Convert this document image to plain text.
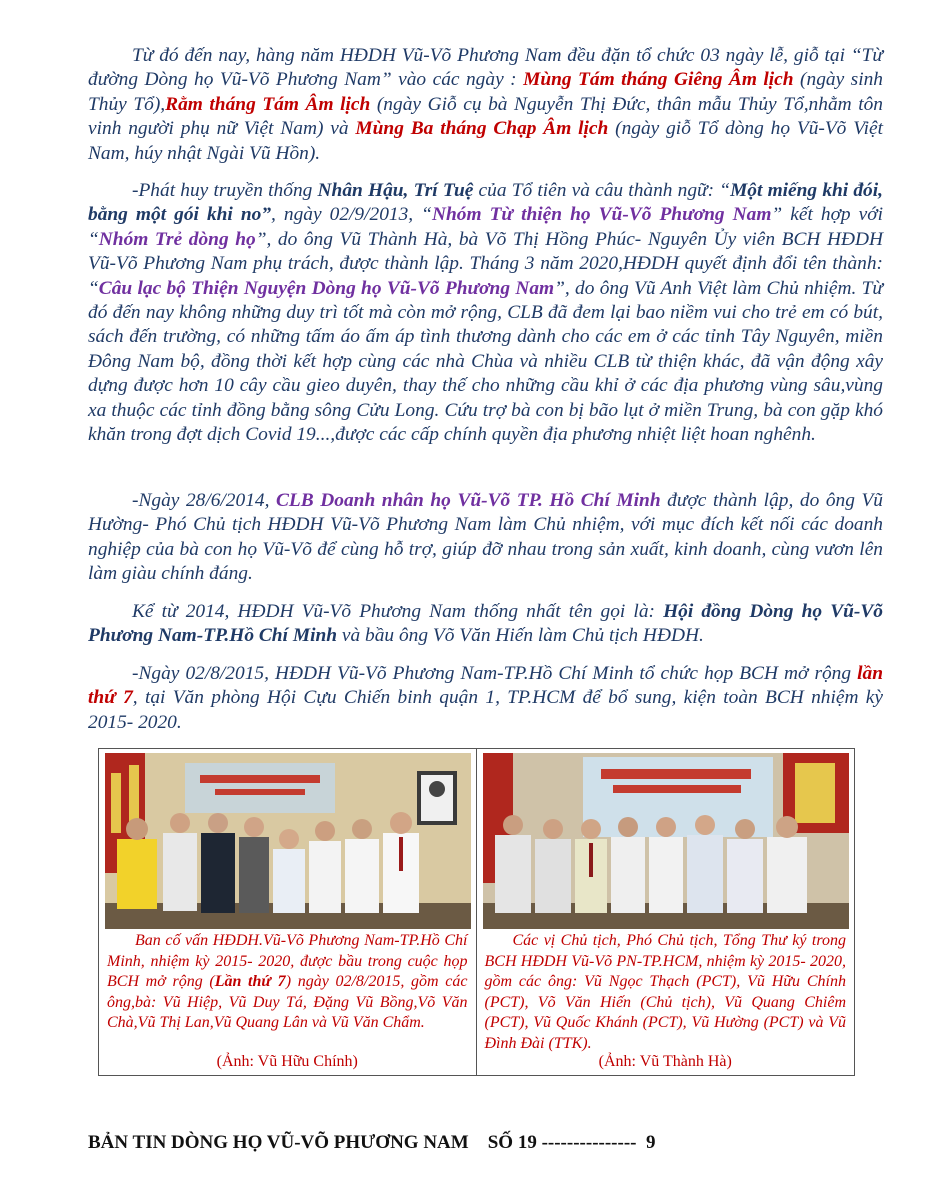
Từ đó đến nay, hàng năm HĐDH Vũ-Võ Phương Nam đều đặn tổ chức 03 ngày lễ, giỗ tại “Từ đường Dòng họ Vũ-Võ Phương Nam” vào các ngày : Mùng Tám tháng Giêng Âm lịch (ngày sinh Thủy Tổ),Rằm tháng Tám Âm lịch (ngày Giỗ cụ bà Nguyễn Thị Đức, thân mẫu Thủy Tổ,nhằm tôn vinh người phụ nữ Việt Nam) và Mùng Ba tháng Chạp Âm lịch (ngày giỗ Tổ dòng họ Vũ-Võ Việt Nam, húy nhật Ngài Vũ Hồn).

-Phát huy truyền thống Nhân Hậu, Trí Tuệ của Tổ tiên và câu thành ngữ: “Một miếng khi đói, bằng một gói khi no”, ngày 02/9/2013, “Nhóm Từ thiện họ Vũ-Võ Phương Nam” kết hợp với “Nhóm Trẻ dòng họ”, do ông Vũ Thành Hà, bà Võ Thị Hồng Phúc- Nguyên Ủy viên BCH HĐDH Vũ-Võ Phương Nam phụ trách, được thành lập. Tháng 3 năm 2020,HĐDH quyết định đổi tên thành: “Câu lạc bộ Thiện Nguyện Dòng họ Vũ-Võ Phương Nam”, do ông Vũ Anh Việt làm Chủ nhiệm. Từ đó đến nay không những duy trì tốt mà còn mở rộng, CLB đã đem lại bao niềm vui cho trẻ em có bút, sách đến trường, có những tấm áo ấm áp tình thương dành cho các em ở các tỉnh Tây Nguyên, miền Đông Nam bộ, đồng thời kết hợp cùng các nhà Chùa và nhiều CLB từ thiện khác, đã vận động xây dựng được hơn 10 cây cầu gieo duyên, thay thế cho những cầu khỉ ở các địa phương vùng sâu,vùng xa thuộc các tỉnh đồng bằng sông Cửu Long. Cứu trợ bà con bị bão lụt ở miền Trung, bà con gặp khó khăn trong đợt dịch Covid 19...,được các cấp chính quyền địa phương nhiệt liệt hoan nghênh.

-Ngày 28/6/2014, CLB Doanh nhân họ Vũ-Võ TP. Hồ Chí Minh được thành lập, do ông Vũ Hường- Phó Chủ tịch HĐDH Vũ-Võ Phương Nam làm Chủ nhiệm, với mục đích kết nối các doanh nghiệp của bà con họ Vũ-Võ để cùng hỗ trợ, giúp đỡ nhau trong sản xuất, kinh doanh, cùng vươn lên làm giàu chính đáng.

Kể từ 2014, HĐDH Vũ-Võ Phương Nam thống nhất tên gọi là: Hội đồng Dòng họ Vũ-Võ Phương Nam-TP.Hồ Chí Minh và bầu ông Võ Văn Hiến làm Chủ tịch HĐDH.

-Ngày 02/8/2015, HĐDH Vũ-Võ Phương Nam-TP.Hồ Chí Minh tổ chức họp BCH mở rộng lần thứ 7, tại Văn phòng Hội Cựu Chiến binh quận 1, TP.HCM để bổ sung, kiện toàn BCH nhiệm kỳ 2015- 2020.

Ban cố vấn HĐDH.Vũ-Võ Phương Nam-TP.Hồ Chí Minh, nhiệm kỳ 2015- 2020, được bầu trong cuộc họp BCH mở rộng (Lần thứ 7) ngày 02/8/2015, gồm các ông,bà: Vũ Hiệp, Vũ Duy Tá, Đặng Vũ Bồng,Võ Văn Chà,Vũ Thị Lan,Vũ Quang Lân và Vũ Văn Chẩm.
(Ảnh: Vũ Hữu Chính)
Các vị Chủ tịch, Phó Chủ tịch, Tổng Thư ký trong BCH HĐDH Vũ-Võ PN-TP.HCM, nhiệm kỳ 2015- 2020, gồm các ông: Vũ Ngọc Thạch (PCT), Vũ Hữu Chính (PCT), Võ Văn Hiến (Chủ tịch), Vũ Quang Chiêm (PCT), Vũ Quốc Khánh (PCT), Vũ Hường (PCT) và Vũ Đình Đài (TTK).
(Ảnh: Vũ Thành Hà)
BẢN TIN DÒNG HỌ VŨ-VÕ PHƯƠNG NAM SỐ 19 --------------- 9
